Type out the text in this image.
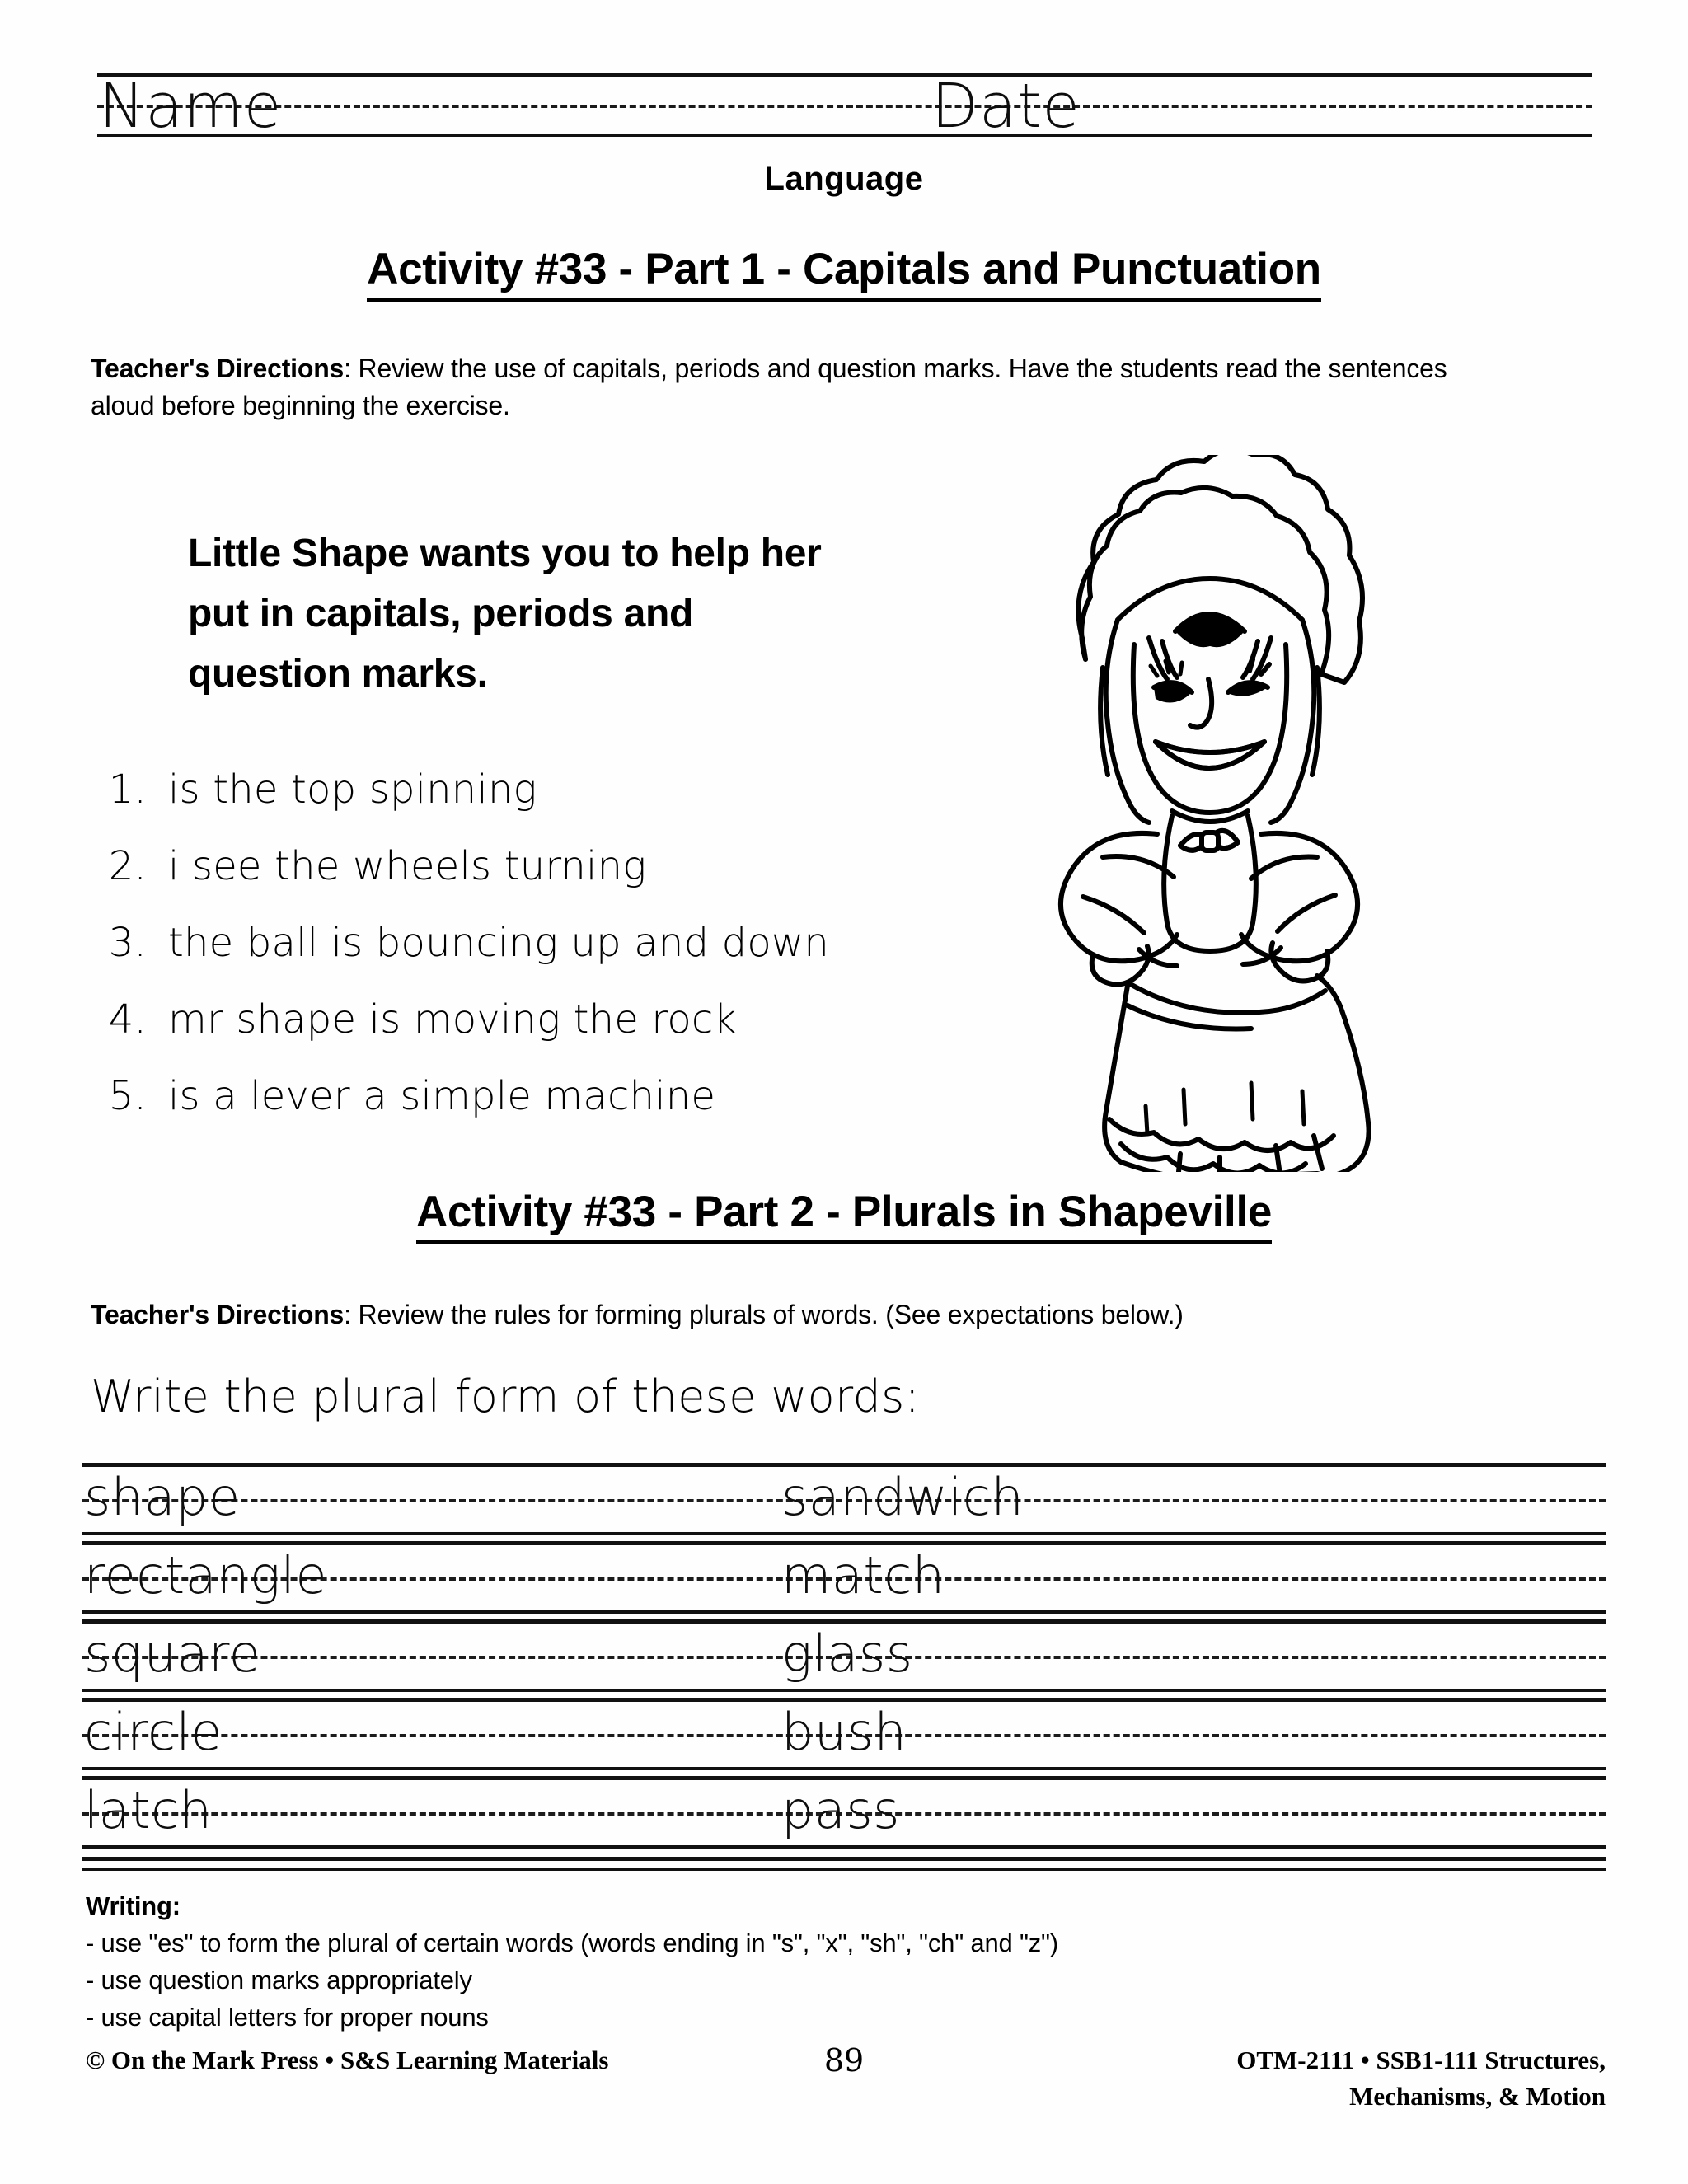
Name	Date
Language
Activity #33 - Part 1 - Capitals and Punctuation
Teacher's Directions: Review the use of capitals, periods and question marks. Have the students read the sentences aloud before beginning the exercise.
Little Shape wants you to help her put in capitals, periods and question marks.
1. is the top spinning
2. i see the wheels turning
3. the ball is bouncing up and down
4. mr shape is moving the rock
5. is a lever a simple machine
Activity #33 - Part 2 - Plurals in Shapeville
Teacher's Directions: Review the rules for forming plurals of words. (See expectations below.)
Write the plural form of these words:
shape	sandwich
rectangle	match
square	glass
circle	bush
latch	pass
Writing:
- use "es" to form the plural of certain words (words ending in "s", "x", "sh", "ch" and "z")
- use question marks appropriately
- use capital letters for proper nouns
© On the Mark Press • S&S Learning Materials	89	OTM-2111 • SSB1-111 Structures,
Mechanisms, & Motion
